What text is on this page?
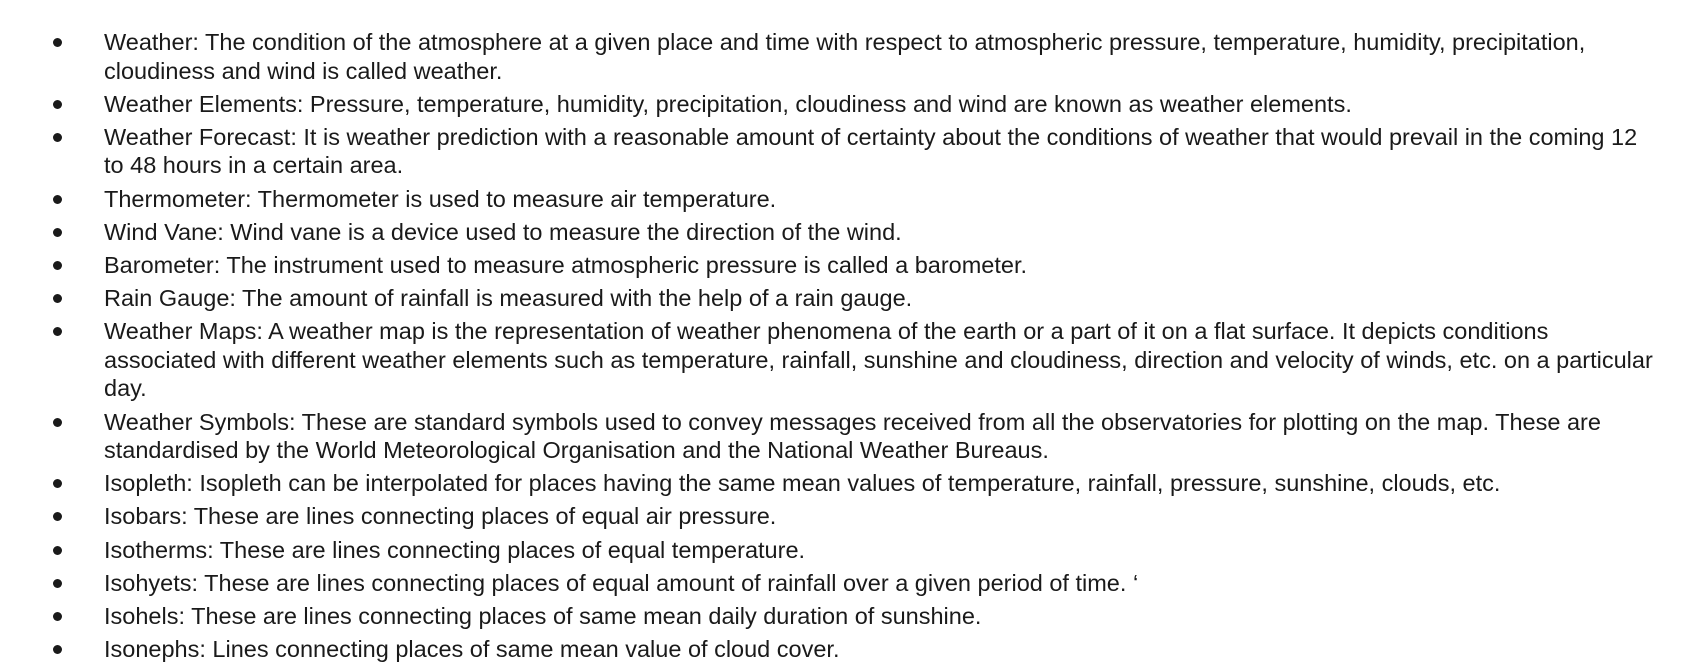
Weather: The condition of the atmosphere at a given place and time with respect to atmospheric pressure, temperature, humidity, precipitation, cloudiness and wind is called weather.
Weather Elements: Pressure, temperature, humidity, precipitation, cloudiness and wind are known as weather elements.
Weather Forecast: It is weather prediction with a reasonable amount of certainty about the conditions of weather that would prevail in the coming 12 to 48 hours in a certain area.
Thermometer: Thermometer is used to measure air temperature.
Wind Vane: Wind vane is a device used to measure the direction of the wind.
Barometer: The instrument used to measure atmospheric pressure is called a barometer.
Rain Gauge: The amount of rainfall is measured with the help of a rain gauge.
Weather Maps: A weather map is the representation of weather phenomena of the earth or a part of it on a flat surface. It depicts conditions associated with different weather elements such as temperature, rainfall, sunshine and cloudiness, direction and velocity of winds, etc. on a particular day.
Weather Symbols: These are standard symbols used to convey messages received from all the observatories for plotting on the map. These are standardised by the World Meteorological Organisation and the National Weather Bureaus.
Isopleth: Isopleth can be interpolated for places having the same mean values of temperature, rainfall, pressure, sunshine, clouds, etc.
Isobars: These are lines connecting places of equal air pressure.
Isotherms: These are lines connecting places of equal temperature.
Isohyets: These are lines connecting places of equal amount of rainfall over a given period of time. ‘
Isohels: These are lines connecting places of same mean daily duration of sunshine.
Isonephs: Lines connecting places of same mean value of cloud cover.
